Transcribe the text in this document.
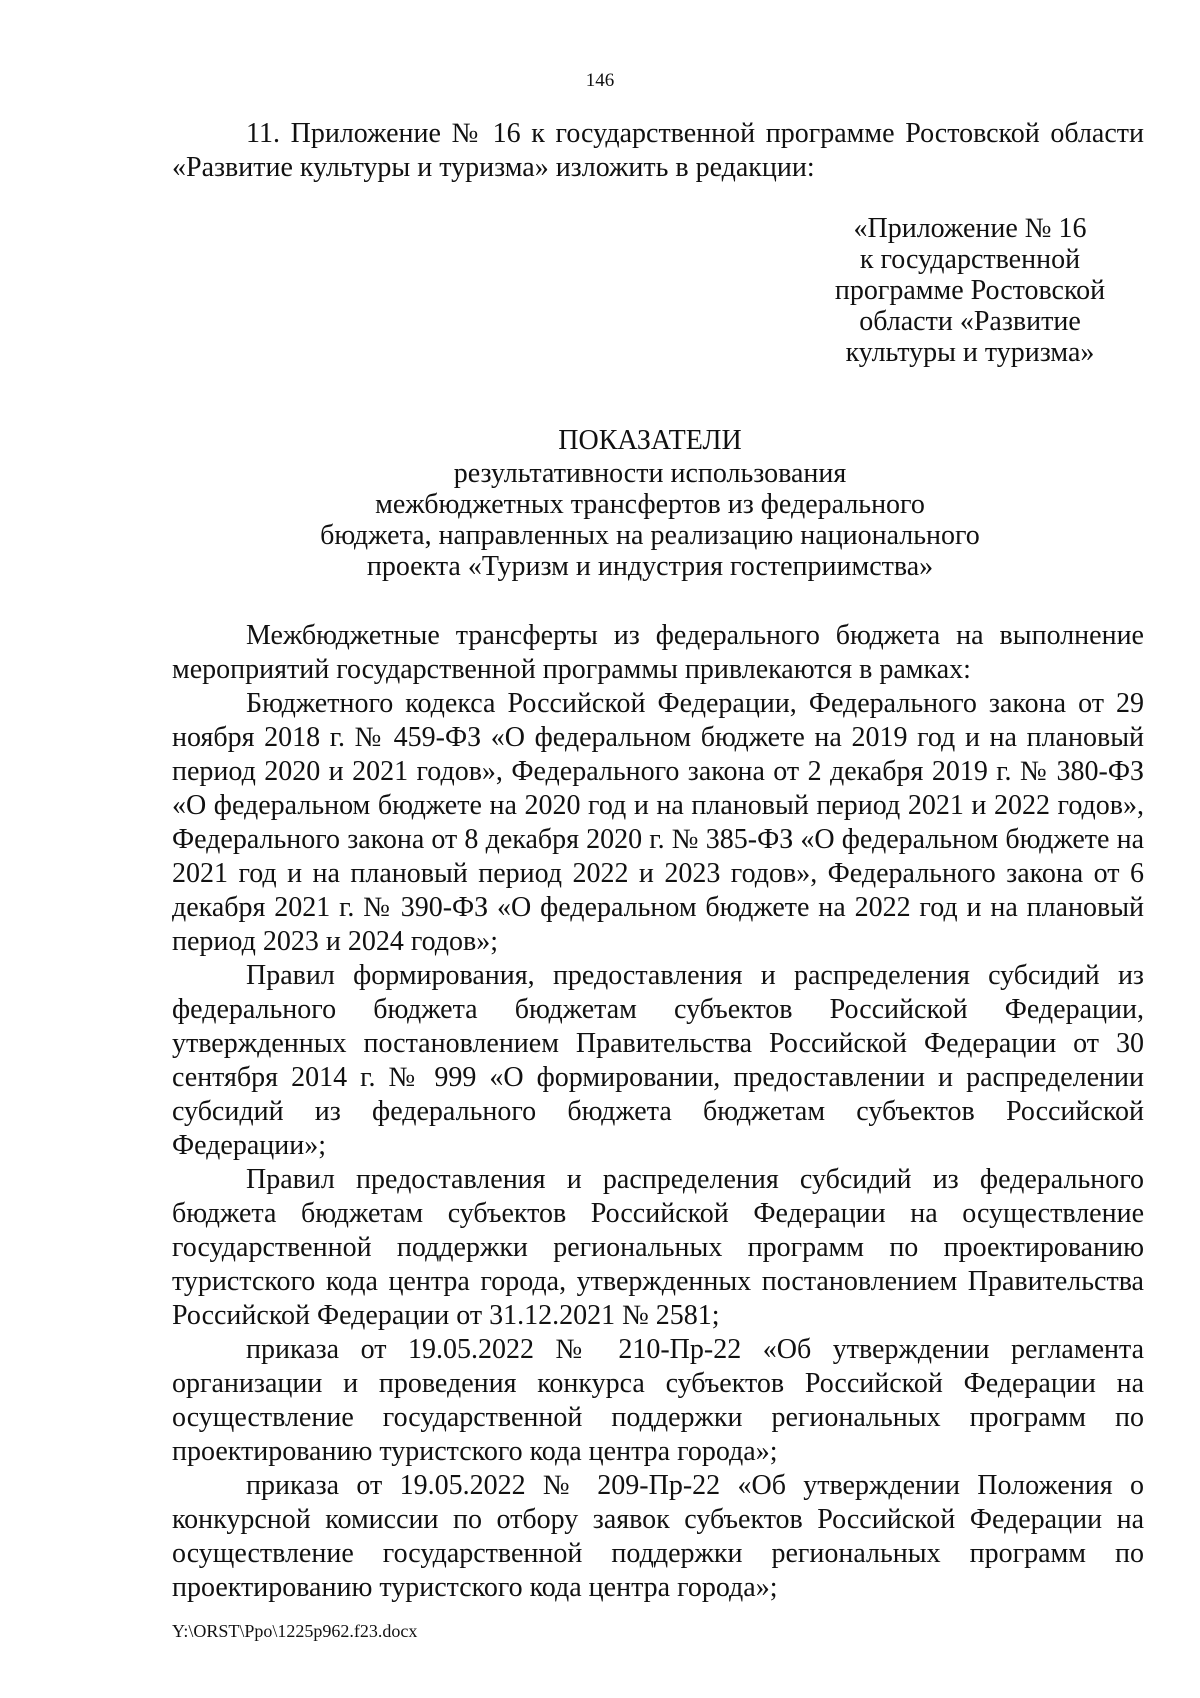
146

11. Приложение № 16 к государственной программе Ростовской области «Развитие культуры и туризма» изложить в редакции:

«Приложение № 16
к государственной
программе Ростовской
области «Развитие
культуры и туризма»
ПОКАЗАТЕЛИ
результативности использования
межбюджетных трансфертов из федерального
бюджета, направленных на реализацию национального
проекта «Туризм и индустрия гостеприимства»

Межбюджетные трансферты из федерального бюджета на выполнение мероприятий государственной программы привлекаются в рамках:

Бюджетного кодекса Российской Федерации, Федерального закона от 29 ноября 2018 г. № 459-ФЗ «О федеральном бюджете на 2019 год и на плановый период 2020 и 2021 годов», Федерального закона от 2 декабря 2019 г. № 380-ФЗ «О федеральном бюджете на 2020 год и на плановый период 2021 и 2022 годов», Федерального закона от 8 декабря 2020 г. № 385-ФЗ «О федеральном бюджете на 2021 год и на плановый период 2022 и 2023 годов», Федерального закона от 6 декабря 2021 г. № 390-ФЗ «О федеральном бюджете на 2022 год и на плановый период 2023 и 2024 годов»;

Правил формирования, предоставления и распределения субсидий из федерального бюджета бюджетам субъектов Российской Федерации, утвержденных постановлением Правительства Российской Федерации от 30 сентября 2014 г. № 999 «О формировании, предоставлении и распределении субсидий из федерального бюджета бюджетам субъектов Российской Федерации»;

Правил предоставления и распределения субсидий из федерального бюджета бюджетам субъектов Российской Федерации на осуществление государственной поддержки региональных программ по проектированию туристского кода центра города, утвержденных постановлением Правительства Российской Федерации от 31.12.2021 № 2581;

приказа от 19.05.2022 № 210-Пр-22 «Об утверждении регламента организации и проведения конкурса субъектов Российской Федерации на осуществление государственной поддержки региональных программ по проектированию туристского кода центра города»;

приказа от 19.05.2022 № 209-Пр-22 «Об утверждении Положения о конкурсной комиссии по отбору заявок субъектов Российской Федерации на осуществление государственной поддержки региональных программ по проектированию туристского кода центра города»;

Y:\ORST\Ppo\1225p962.f23.docx
